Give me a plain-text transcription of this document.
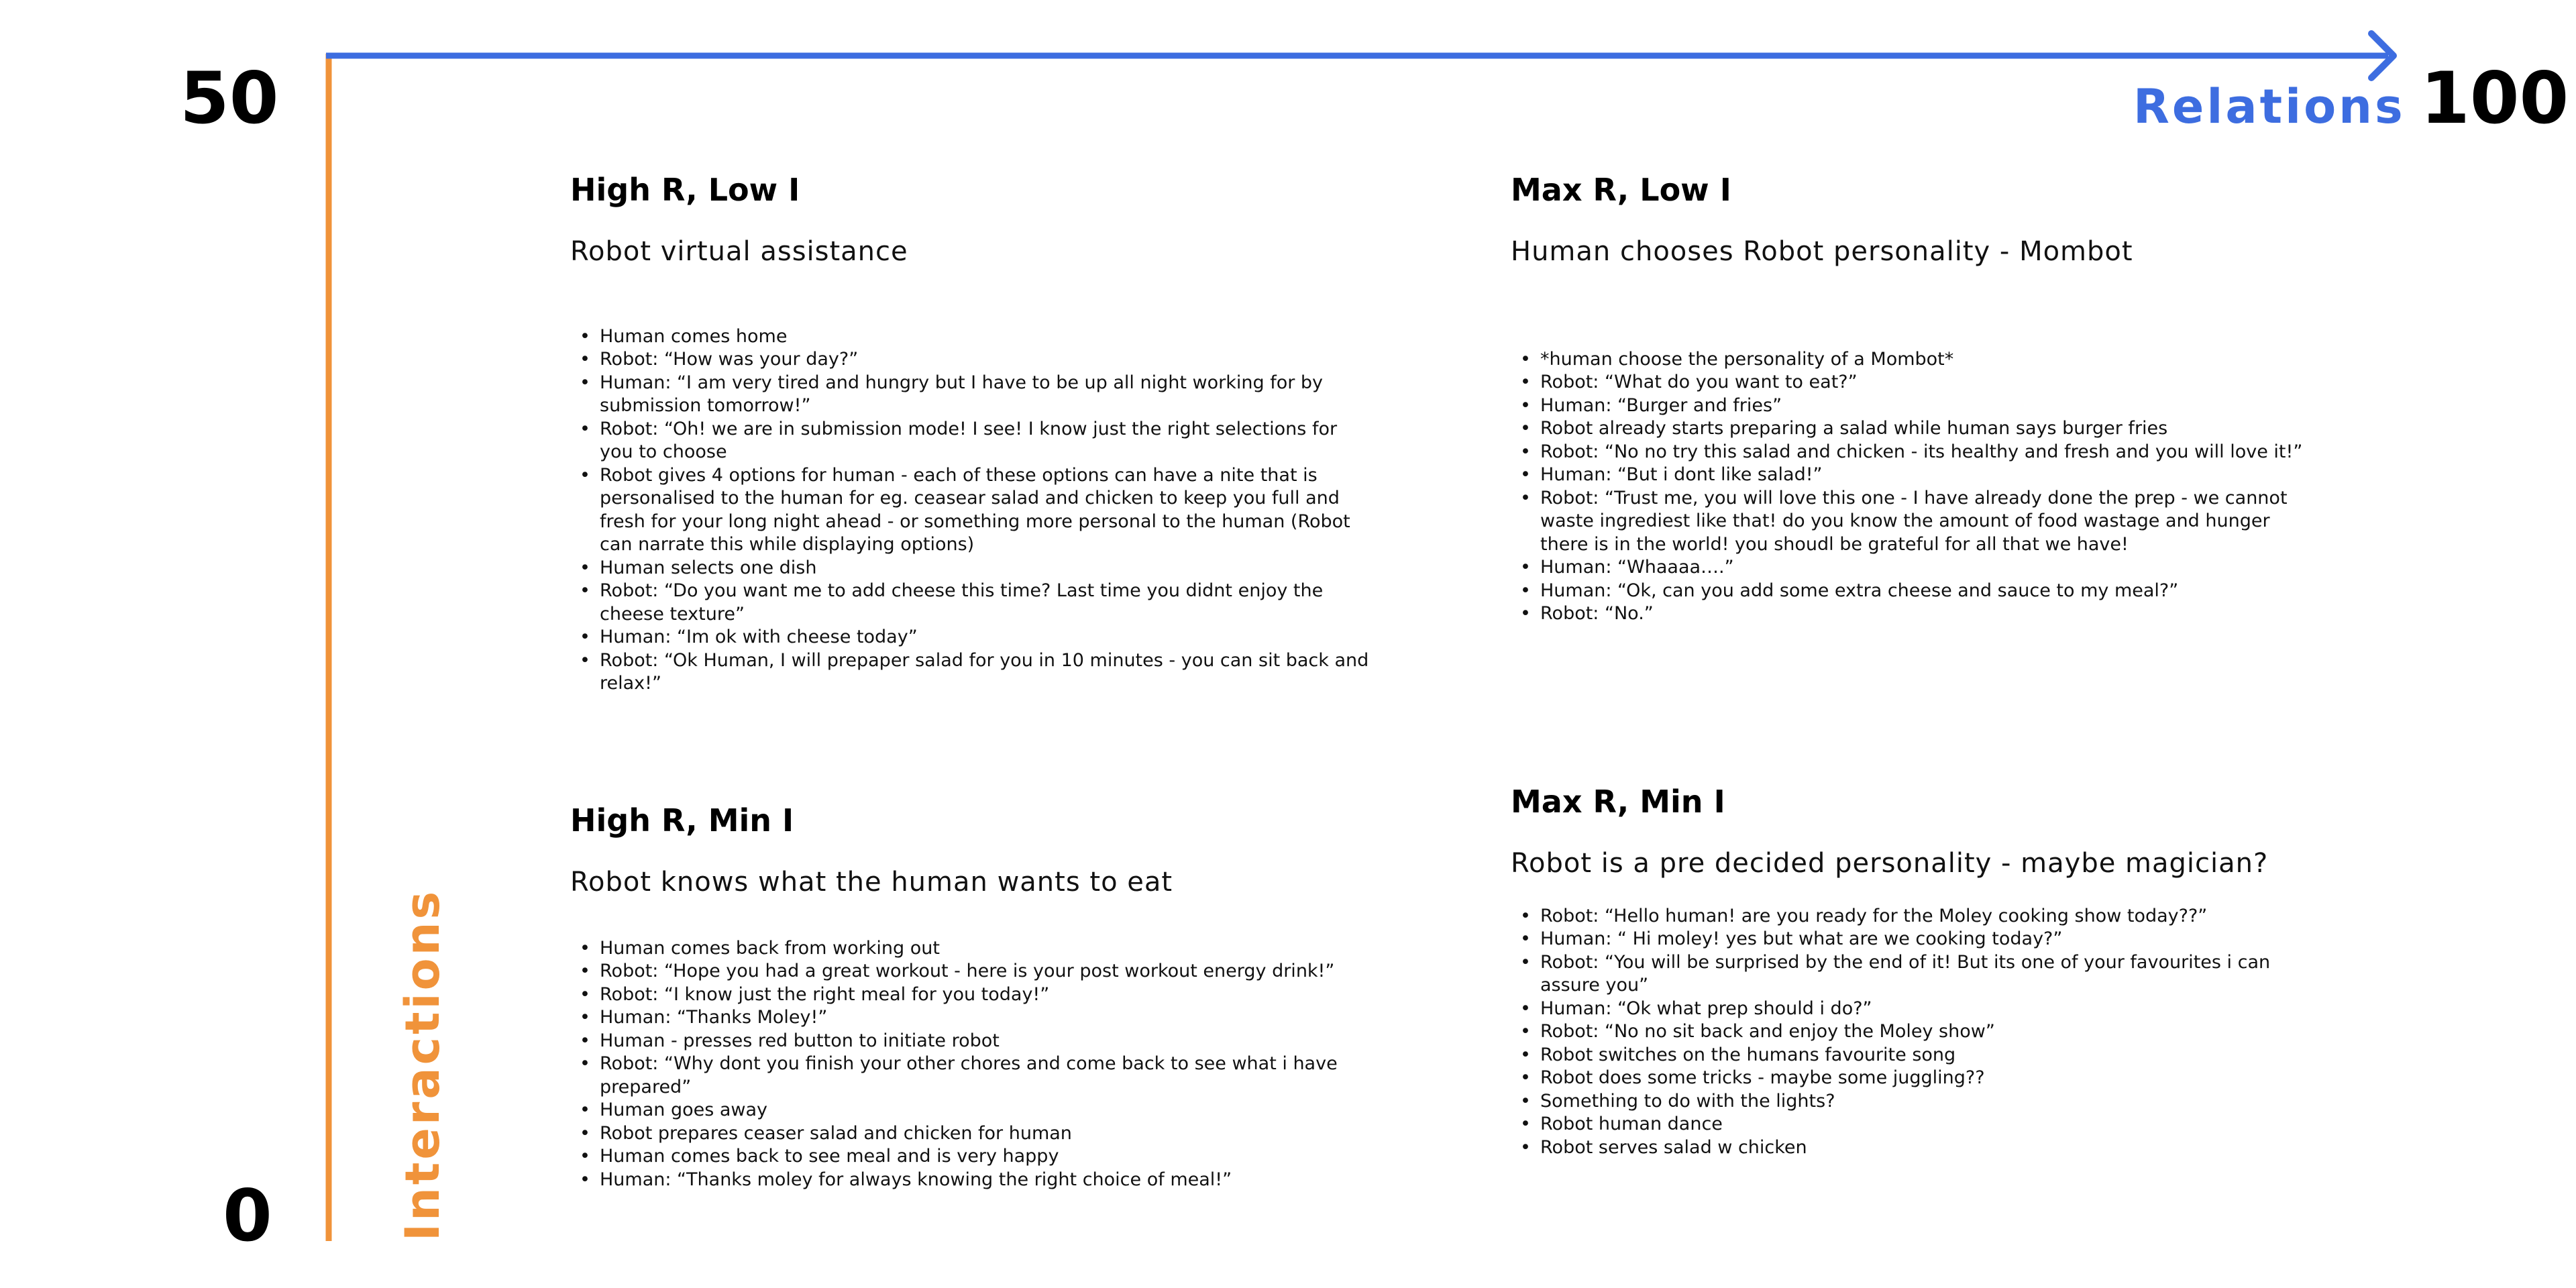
50	100
0
Relations
Interactions
High R, Low I

Robot virtual assistance

• Human comes home
• Robot: “How was your day?”
• Human: “I am very tired and hungry but I have to be up all night working for by submission tomorrow!”
• Robot: “Oh! we are in submission mode! I see! I know just the right selections for you to choose
• Robot gives 4 options for human - each of these options can have a nite that is personalised to the human for eg. ceasear salad and chicken to keep you full and fresh for your long night ahead - or something more personal to the human (Robot can narrate this while displaying options)
• Human selects one dish
• Robot: “Do you want me to add cheese this time? Last time you didnt enjoy the cheese texture”
• Human: “Im ok with cheese today”
• Robot: “Ok Human, I will prepaper salad for you in 10 minutes - you can sit back and relax!”
Max R, Low I

Human chooses Robot personality - Mombot

• *human choose the personality of a Mombot*
• Robot: “What do you want to eat?”
• Human: “Burger and fries”
• Robot already starts preparing a salad while human says burger fries
• Robot: “No no try this salad and chicken - its healthy and fresh and you will love it!”
• Human: “But i dont like salad!”
• Robot: “Trust me, you will love this one - I have already done the prep - we cannot waste ingrediest like that! do you know the amount of food wastage and hunger there is in the world! you shoudl be grateful for all that we have!
• Human: “Whaaaa….”
• Human: “Ok, can you add some extra cheese and sauce to my meal?”
• Robot: “No.”
High R, Min I

Robot knows what the human wants to eat

• Human comes back from working out
• Robot: “Hope you had a great workout - here is your post workout energy drink!”
• Robot: “I know just the right meal for you today!”
• Human: “Thanks Moley!”
• Human - presses red button to initiate robot
• Robot: “Why dont you finish your other chores and come back to see what i have prepared”
• Human goes away
• Robot prepares ceaser salad and chicken for human
• Human comes back to see meal and is very happy
• Human: “Thanks moley for always knowing the right choice of meal!”
Max R, Min I

Robot is a pre decided personality - maybe magician?

• Robot: “Hello human! are you ready for the Moley cooking show today??”
• Human: “ Hi moley! yes but what are we cooking today?”
• Robot: “You will be surprised by the end of it! But its one of your favourites i can assure you”
• Human: “Ok what prep should i do?”
• Robot: “No no sit back and enjoy the Moley show”
• Robot switches on the humans favourite song
• Robot does some tricks - maybe some juggling??
• Something to do with the lights?
• Robot human dance
• Robot serves salad w chicken
